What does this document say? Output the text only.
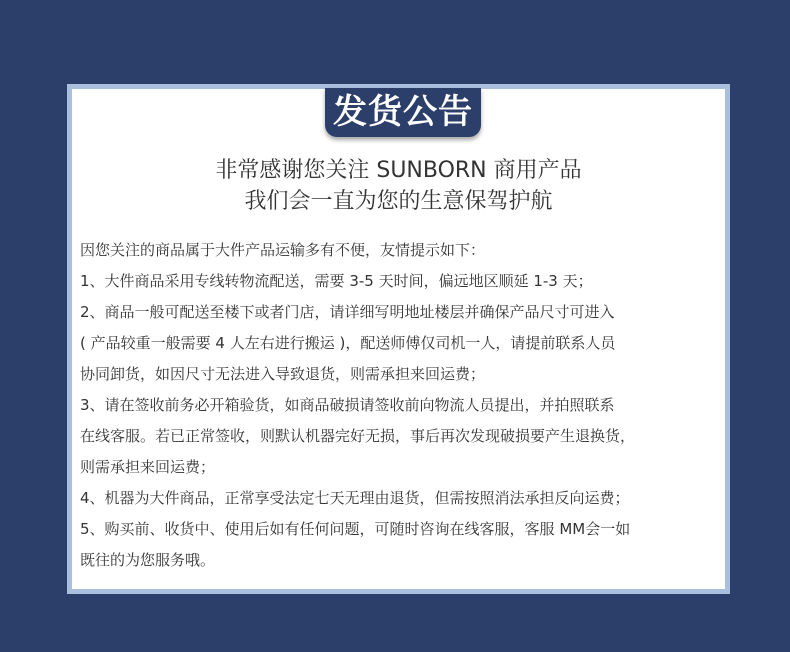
发货公告
非常感谢您关注 SUNBORN 商用产品
我们会一直为您的生意保驾护航
因您关注的商品属于大件产品运输多有不便，友情提示如下：
1、大件商品采用专线转物流配送，需要 3-5 天时间，偏远地区顺延 1-3 天；
2、商品一般可配送至楼下或者门店，请详细写明地址楼层并确保产品尺寸可进入
( 产品较重一般需要 4 人左右进行搬运 )，配送师傅仅司机一人，请提前联系人员
协同卸货，如因尺寸无法进入导致退货，则需承担来回运费；
3、请在签收前务必开箱验货，如商品破损请签收前向物流人员提出，并拍照联系
在线客服。若已正常签收，则默认机器完好无损，事后再次发现破损要产生退换货，
则需承担来回运费；
4、机器为大件商品，正常享受法定七天无理由退货，但需按照消法承担反向运费；
5、购买前、收货中、使用后如有任何问题，可随时咨询在线客服，客服 MM会一如
既往的为您服务哦。
